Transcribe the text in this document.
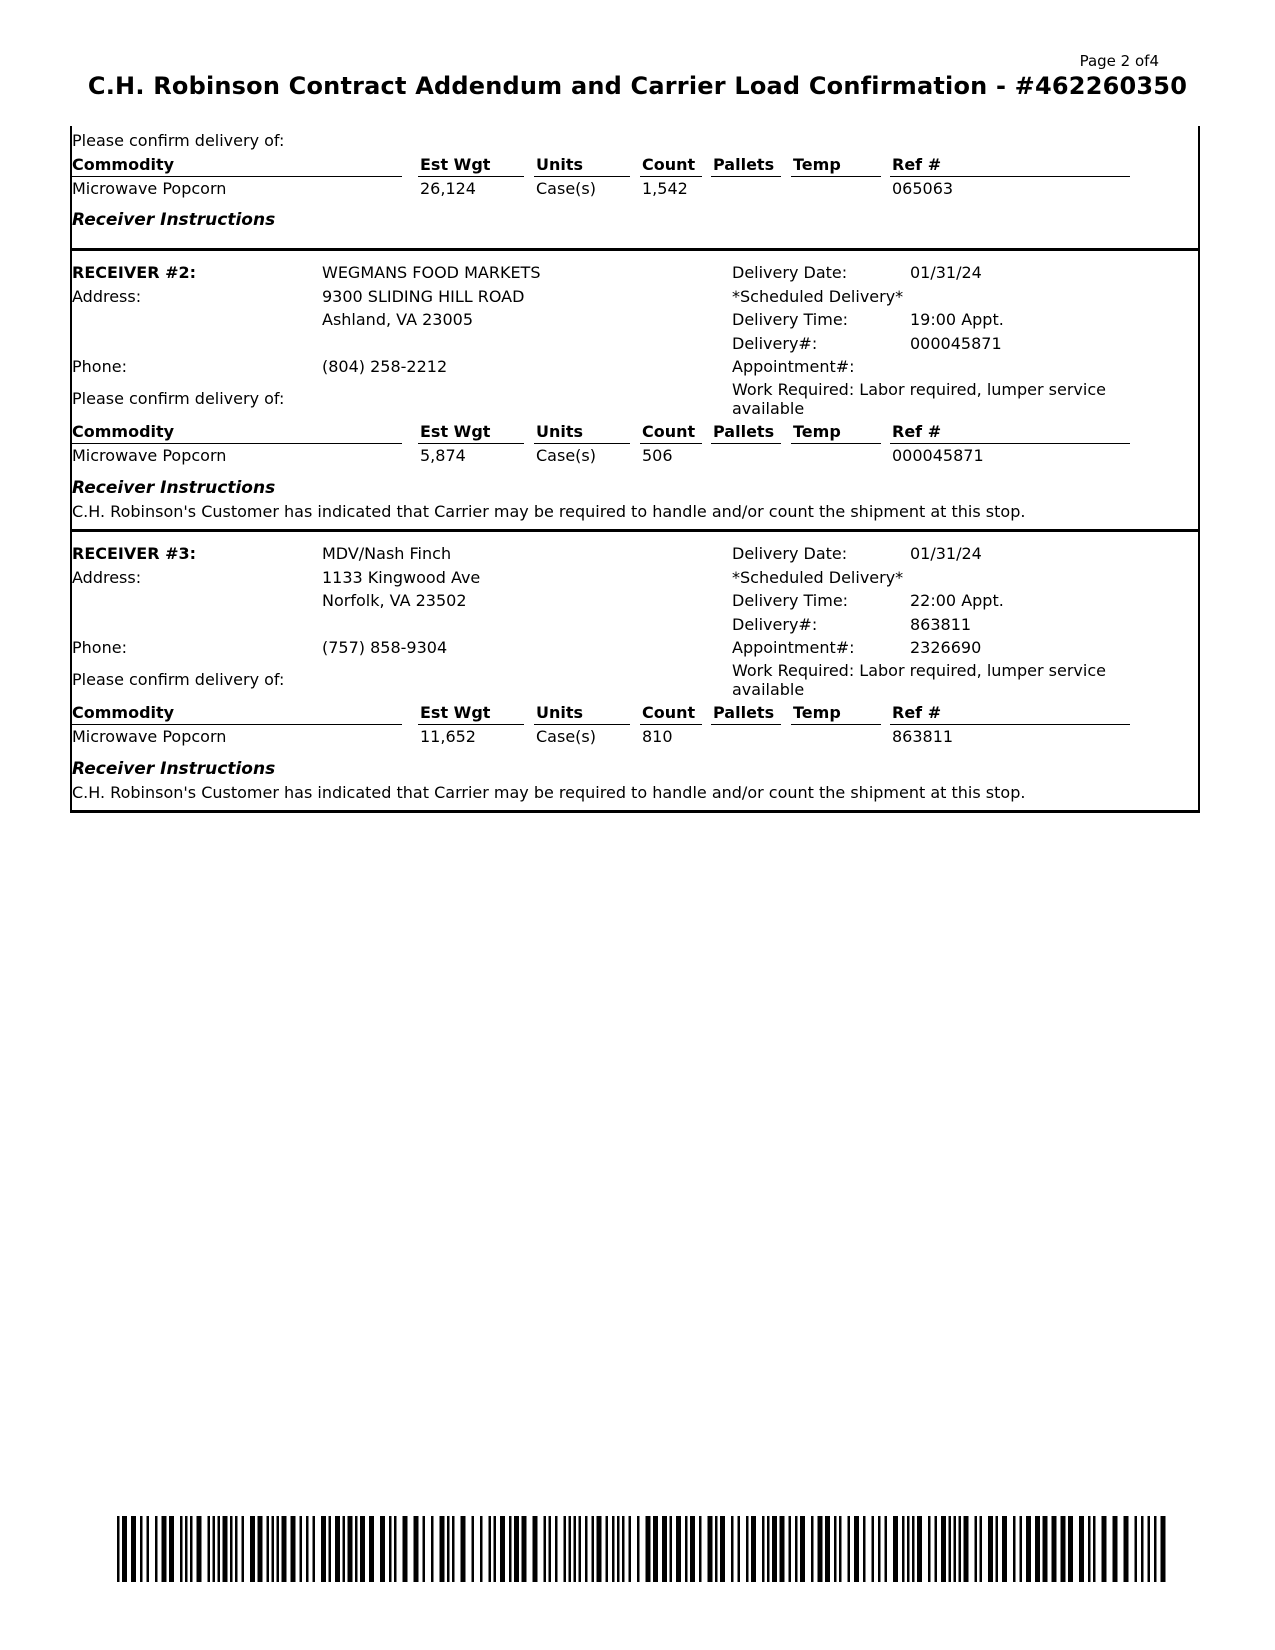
Page 2 of4
C.H. Robinson Contract Addendum and Carrier Load Confirmation - #462260350
Please confirm delivery of:
Commodity	Est Wgt	Units	Count Pallets Temp	Ref #
Microwave Popcorn	26,124	Case(s)	1,542	065063
Receiver Instructions
RECEIVER #2:
Address:
WEGMANS FOOD MARKETS
9300 SLIDING HILL ROAD
Ashland, VA 23005
Phone:	(804) 258-2212
Please confirm delivery of:
Delivery Date:	01/31/24
*Scheduled Delivery*
Delivery Time:	19:00 Appt.
Delivery#:	000045871
Appointment#:
Work Required: Labor required, lumper service
available
Commodity	Est Wgt	Units	Count Pallets Temp	Ref #
Microwave Popcorn	5,874	Case(s)	506	000045871
Receiver Instructions
C.H. Robinson's Customer has indicated that Carrier may be required to handle and/or count the shipment at this stop.
RECEIVER #3:
Address:
MDV/Nash Finch
1133 Kingwood Ave
Norfolk, VA 23502
Phone:	(757) 858-9304
Please confirm delivery of:
Delivery Date:	01/31/24
*Scheduled Delivery*
Delivery Time:	22:00 Appt.
Delivery#:	863811
Appointment#:	2326690
Work Required: Labor required, lumper service
available
Commodity	Est Wgt	Units	Count Pallets Temp	Ref #
Microwave Popcorn	11,652	Case(s)	810	863811
Receiver Instructions
C.H. Robinson's Customer has indicated that Carrier may be required to handle and/or count the shipment at this stop.
